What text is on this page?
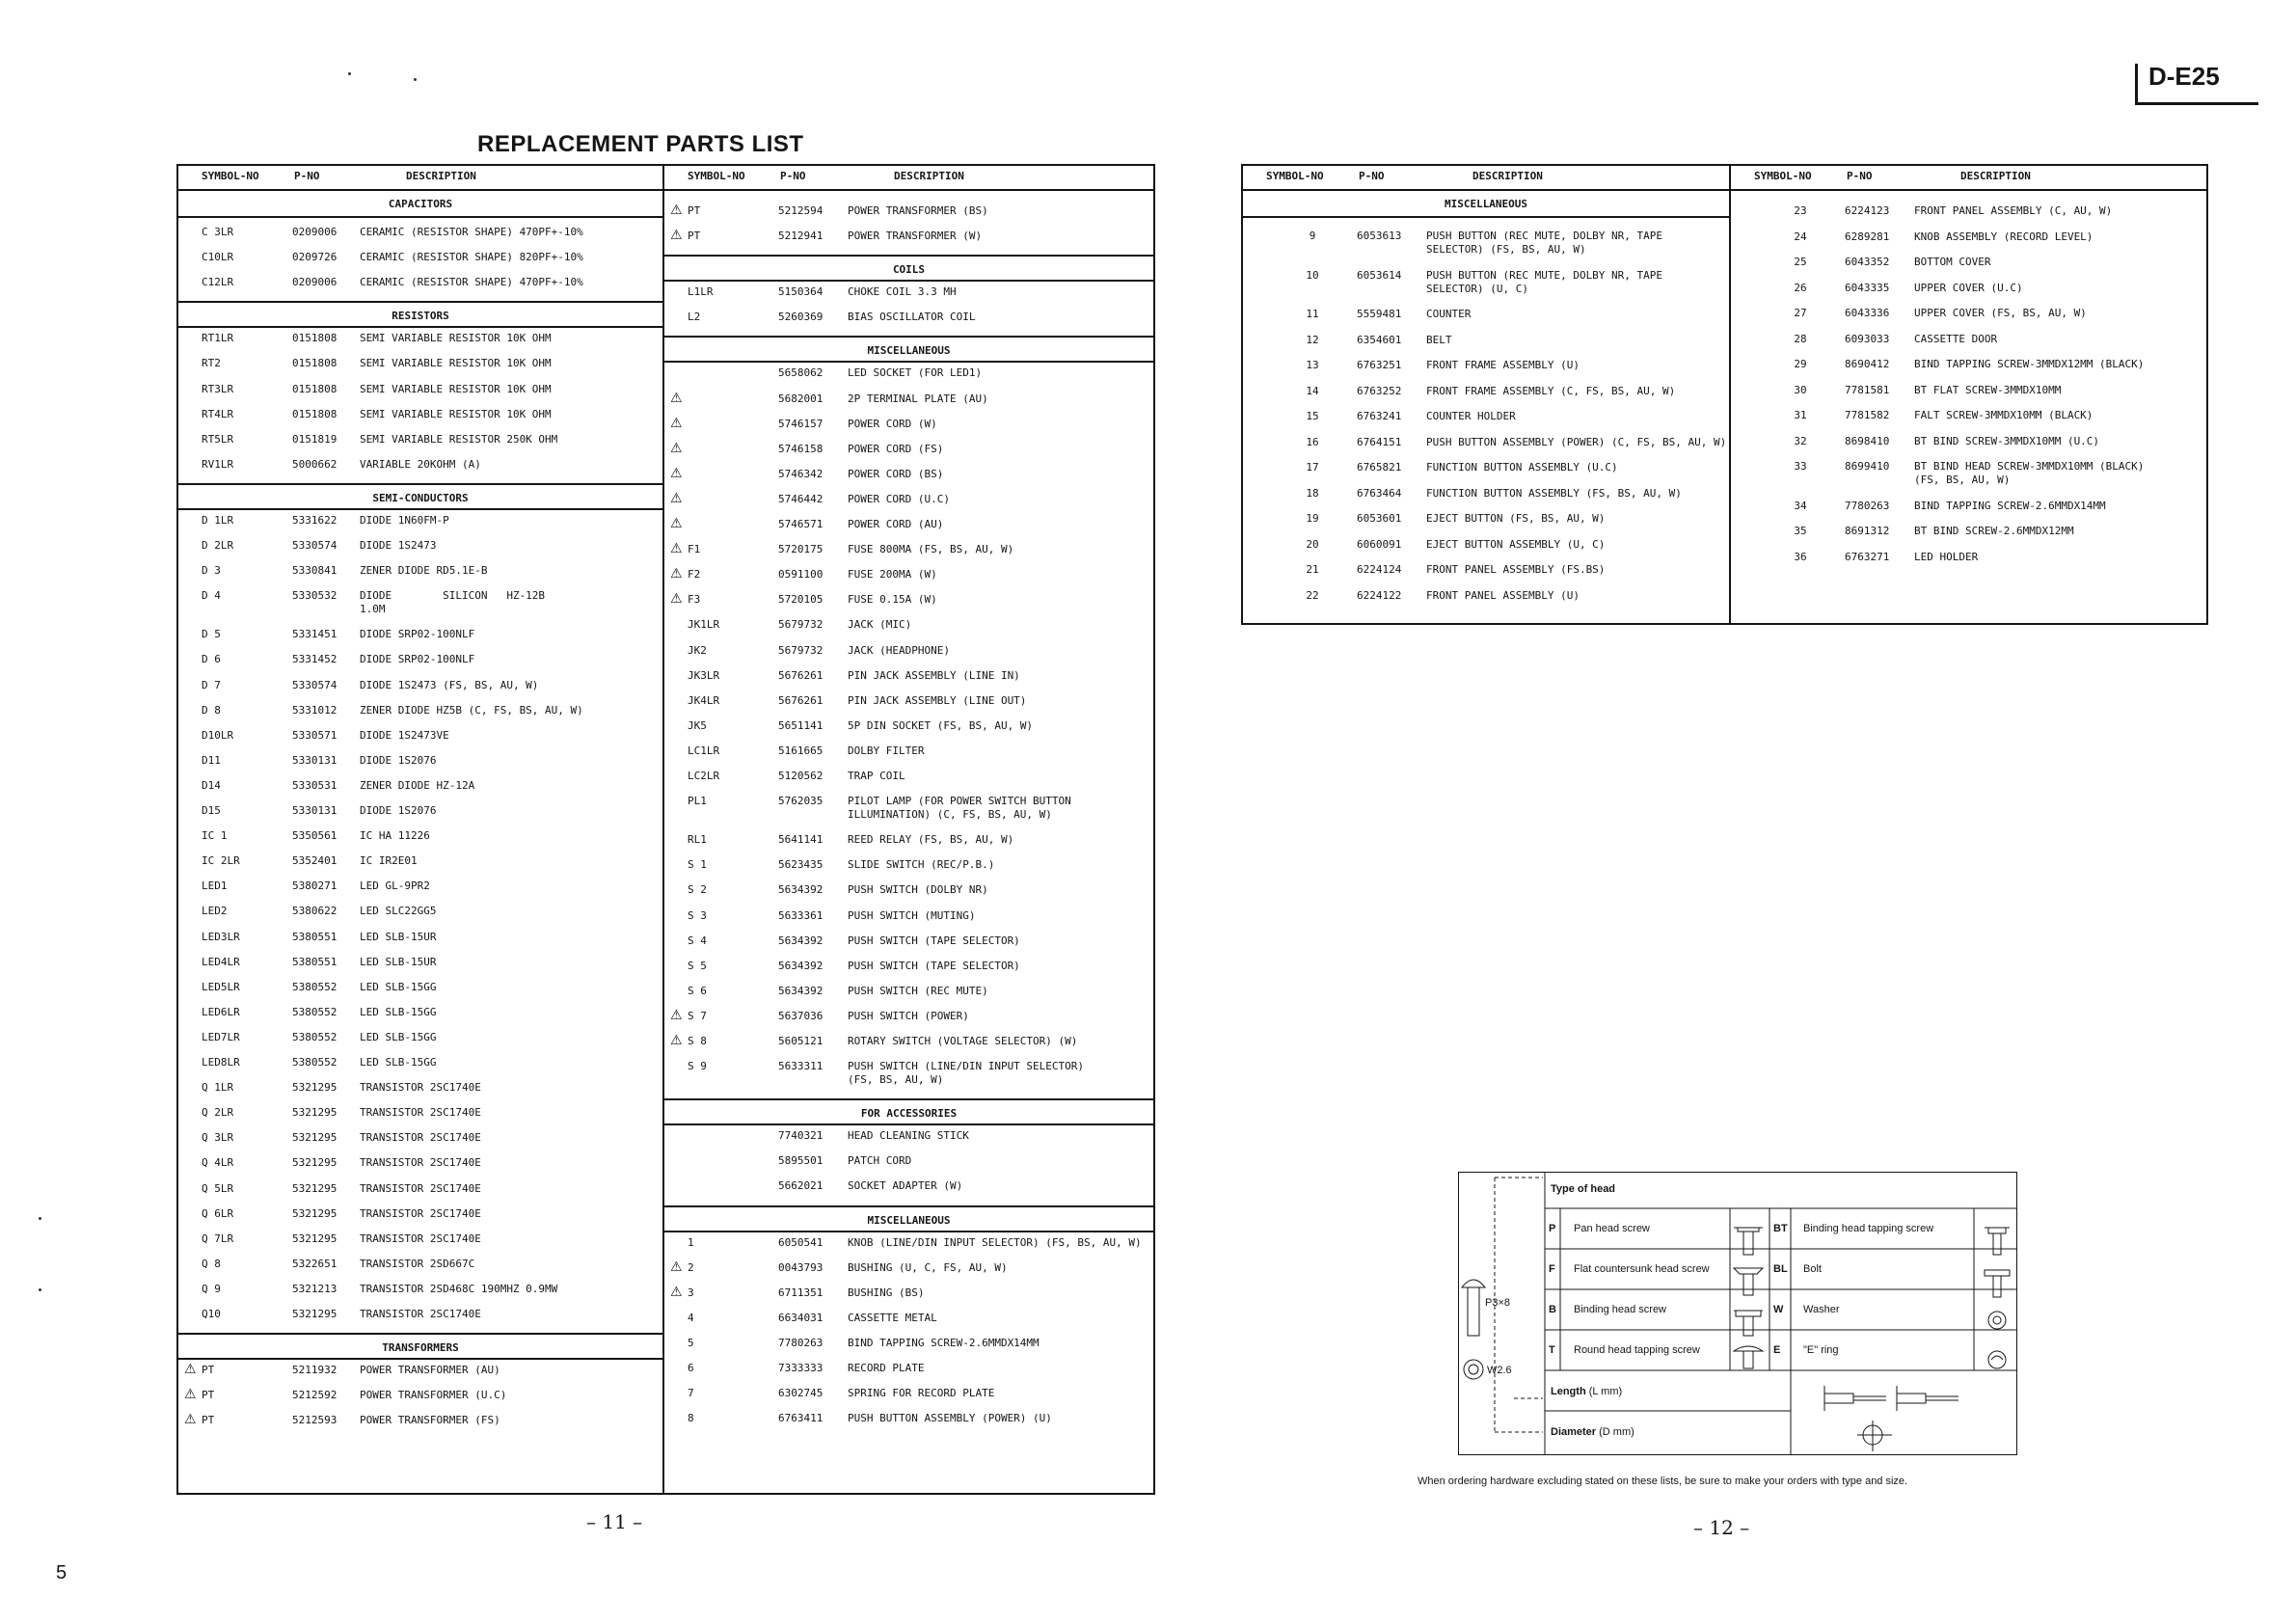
REPLACEMENT PARTS LIST
D-E25
SYMBOL-NO	P-NO	DESCRIPTION
CAPACITORS
C 3LR	0209006 CERAMIC (RESISTOR SHAPE) 470PF+-10%
C10LR	0209726 CERAMIC (RESISTOR SHAPE) 820PF+-10%
C12LR	0209006 CERAMIC (RESISTOR SHAPE) 470PF+-10%
RESISTORS
RT1LR	0151808 SEMI VARIABLE RESISTOR 10K OHM
RT2	0151808 SEMI VARIABLE RESISTOR 10K OHM
RT3LR	0151808 SEMI VARIABLE RESISTOR 10K OHM
RT4LR	0151808 SEMI VARIABLE RESISTOR 10K OHM
RT5LR	0151819 SEMI VARIABLE RESISTOR 250K OHM
RV1LR	5000662 VARIABLE 20KOHM (A)
SEMI-CONDUCTORS
D 1LR	5331622 DIODE 1N60FM-P
D 2LR	5330574 DIODE 1S2473
D 3	5330841 ZENER DIODE RD5.1E-B
D 4	5330532 DIODE        SILICON   HZ-12B
1.0M
D 5	5331451 DIODE SRP02-100NLF
D 6	5331452 DIODE SRP02-100NLF
D 7	5330574 DIODE 1S2473 (FS, BS, AU, W)
D 8	5331012 ZENER DIODE HZ5B (C, FS, BS, AU, W)
D10LR	5330571 DIODE 1S2473VE
D11	5330131 DIODE 1S2076
D14	5330531 ZENER DIODE HZ-12A
D15	5330131 DIODE 1S2076
IC 1	5350561 IC HA 11226
IC 2LR	5352401 IC IR2E01
LED1	5380271 LED GL-9PR2
LED2	5380622 LED SLC22GG5
LED3LR	5380551 LED SLB-15UR
LED4LR	5380551 LED SLB-15UR
LED5LR	5380552 LED SLB-15GG
LED6LR	5380552 LED SLB-15GG
LED7LR	5380552 LED SLB-15GG
LED8LR	5380552 LED SLB-15GG
Q 1LR	5321295 TRANSISTOR 2SC1740E
Q 2LR	5321295 TRANSISTOR 2SC1740E
Q 3LR	5321295 TRANSISTOR 2SC1740E
Q 4LR	5321295 TRANSISTOR 2SC1740E
Q 5LR	5321295 TRANSISTOR 2SC1740E
Q 6LR	5321295 TRANSISTOR 2SC1740E
Q 7LR	5321295 TRANSISTOR 2SC1740E
Q 8	5322651 TRANSISTOR 2SD667C
Q 9	5321213 TRANSISTOR 2SD468C 190MHZ 0.9MW
Q10	5321295 TRANSISTOR 2SC1740E
TRANSFORMERS
⚠ PT	5211932 POWER TRANSFORMER (AU)
⚠ PT	5212592 POWER TRANSFORMER (U.C)
⚠ PT	5212593 POWER TRANSFORMER (FS)
SYMBOL-NO	P-NO	DESCRIPTION
⚠ PT	5212594 POWER TRANSFORMER (BS)
⚠ PT	5212941 POWER TRANSFORMER (W)
COILS
L1LR	5150364 CHOKE COIL 3.3 MH
L2	5260369 BIAS OSCILLATOR COIL
MISCELLANEOUS
5658062 LED SOCKET (FOR LED1)
⚠	5682001 2P TERMINAL PLATE (AU)
⚠	5746157 POWER CORD (W)
⚠	5746158 POWER CORD (FS)
⚠	5746342 POWER CORD (BS)
⚠	5746442 POWER CORD (U.C)
⚠	5746571 POWER CORD (AU)
⚠ F1	5720175 FUSE 800MA (FS, BS, AU, W)
⚠ F2	0591100 FUSE 200MA (W)
⚠ F3	5720105 FUSE 0.15A (W)
JK1LR	5679732 JACK (MIC)
JK2	5679732 JACK (HEADPHONE)
JK3LR	5676261 PIN JACK ASSEMBLY (LINE IN)
JK4LR	5676261 PIN JACK ASSEMBLY (LINE OUT)
JK5	5651141 5P DIN SOCKET (FS, BS, AU, W)
LC1LR	5161665 DOLBY FILTER
LC2LR	5120562 TRAP COIL
PL1	5762035 PILOT LAMP (FOR POWER SWITCH BUTTON
ILLUMINATION) (C, FS, BS, AU, W)
RL1	5641141 REED RELAY (FS, BS, AU, W)
S 1	5623435 SLIDE SWITCH (REC/P.B.)
S 2	5634392 PUSH SWITCH (DOLBY NR)
S 3	5633361 PUSH SWITCH (MUTING)
S 4	5634392 PUSH SWITCH (TAPE SELECTOR)
S 5	5634392 PUSH SWITCH (TAPE SELECTOR)
S 6	5634392 PUSH SWITCH (REC MUTE)
⚠ S 7	5637036 PUSH SWITCH (POWER)
⚠ S 8	5605121 ROTARY SWITCH (VOLTAGE SELECTOR) (W)
S 9	5633311 PUSH SWITCH (LINE/DIN INPUT SELECTOR)
(FS, BS, AU, W)
FOR ACCESSORIES
7740321 HEAD CLEANING STICK
5895501 PATCH CORD
5662021 SOCKET ADAPTER (W)
MISCELLANEOUS
1	6050541 KNOB (LINE/DIN INPUT SELECTOR) (FS, BS, AU, W)
⚠ 2	0043793 BUSHING (U, C, FS, AU, W)
⚠ 3	6711351 BUSHING (BS)
4	6634031 CASSETTE METAL
5	7780263 BIND TAPPING SCREW-2.6MMDX14MM
6	7333333 RECORD PLATE
7	6302745 SPRING FOR RECORD PLATE
8	6763411 PUSH BUTTON ASSEMBLY (POWER) (U)
SYMBOL-NO	P-NO	DESCRIPTION
MISCELLANEOUS
9	6053613 PUSH BUTTON (REC MUTE, DOLBY NR, TAPE
SELECTOR) (FS, BS, AU, W)
10	6053614 PUSH BUTTON (REC MUTE, DOLBY NR, TAPE
SELECTOR) (U, C)
11	5559481 COUNTER
12	6354601 BELT
13	6763251 FRONT FRAME ASSEMBLY (U)
14	6763252 FRONT FRAME ASSEMBLY (C, FS, BS, AU, W)
15	6763241 COUNTER HOLDER
16	6764151 PUSH BUTTON ASSEMBLY (POWER) (C, FS, BS, AU, W)
17	6765821 FUNCTION BUTTON ASSEMBLY (U.C)
18	6763464 FUNCTION BUTTON ASSEMBLY (FS, BS, AU, W)
19	6053601 EJECT BUTTON (FS, BS, AU, W)
20	6060091 EJECT BUTTON ASSEMBLY (U, C)
21	6224124 FRONT PANEL ASSEMBLY (FS.BS)
22	6224122 FRONT PANEL ASSEMBLY (U)
SYMBOL-NO	P-NO	DESCRIPTION
23	6224123 FRONT PANEL ASSEMBLY (C, AU, W)
24	6289281 KNOB ASSEMBLY (RECORD LEVEL)
25	6043352 BOTTOM COVER
26	6043335 UPPER COVER (U.C)
27	6043336 UPPER COVER (FS, BS, AU, W)
28	6093033 CASSETTE DOOR
29	8690412 BIND TAPPING SCREW-3MMDX12MM (BLACK)
30	7781581 BT FLAT SCREW-3MMDX10MM
31	7781582 FALT SCREW-3MMDX10MM (BLACK)
32	8698410 BT BIND SCREW-3MMDX10MM (U.C)
33	8699410 BT BIND HEAD SCREW-3MMDX10MM (BLACK)
(FS, BS, AU, W)
34	7780263 BIND TAPPING SCREW-2.6MMDX14MM
35	8691312 BT BIND SCREW-2.6MMDX12MM
36	6763271 LED HOLDER
Type of head
P Pan head screw	BT Binding head tapping screw
F Flat countersunk head screw	BL Bolt
B Binding head screw	W Washer
T Round head tapping screw	E "E" ring
Length (L mm)
Diameter (D mm)
P3×8
W2.6
When ordering hardware excluding stated on these lists, be sure to make your orders with type and size.
– 11 –	– 12 –
5
